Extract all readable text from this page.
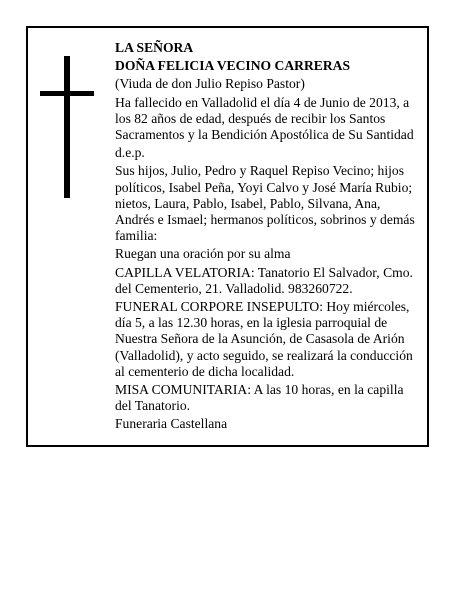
LA SEÑORA

DOÑA FELICIA VECINO CARRERAS

(Viuda de don Julio Repiso Pastor)

Ha fallecido en Valladolid el día 4 de Junio de 2013, a los 82 años de edad, después de recibir los Santos Sacramentos y la Bendición Apostólica de Su Santidad

d.e.p.

Sus hijos, Julio, Pedro y Raquel Repiso Vecino; hijos políticos, Isabel Peña, Yoyi Calvo y José María Rubio; nietos, Laura, Pablo, Isabel, Pablo, Silvana, Ana, Andrés e Ismael; hermanos políticos, sobrinos y demás familia:

Ruegan una oración por su alma

CAPILLA VELATORIA: Tanatorio El Salvador, Cmo. del Cementerio, 21. Valladolid. 983260722.

FUNERAL CORPORE INSEPULTO: Hoy miércoles, día 5, a las 12.30 horas, en la iglesia parroquial de Nuestra Señora de la Asunción, de Casasola de Arión (Valladolid), y acto seguido, se realizará la conducción al cementerio de dicha localidad.

MISA COMUNITARIA: A las 10 horas, en la capilla del Tanatorio.

Funeraria Castellana
